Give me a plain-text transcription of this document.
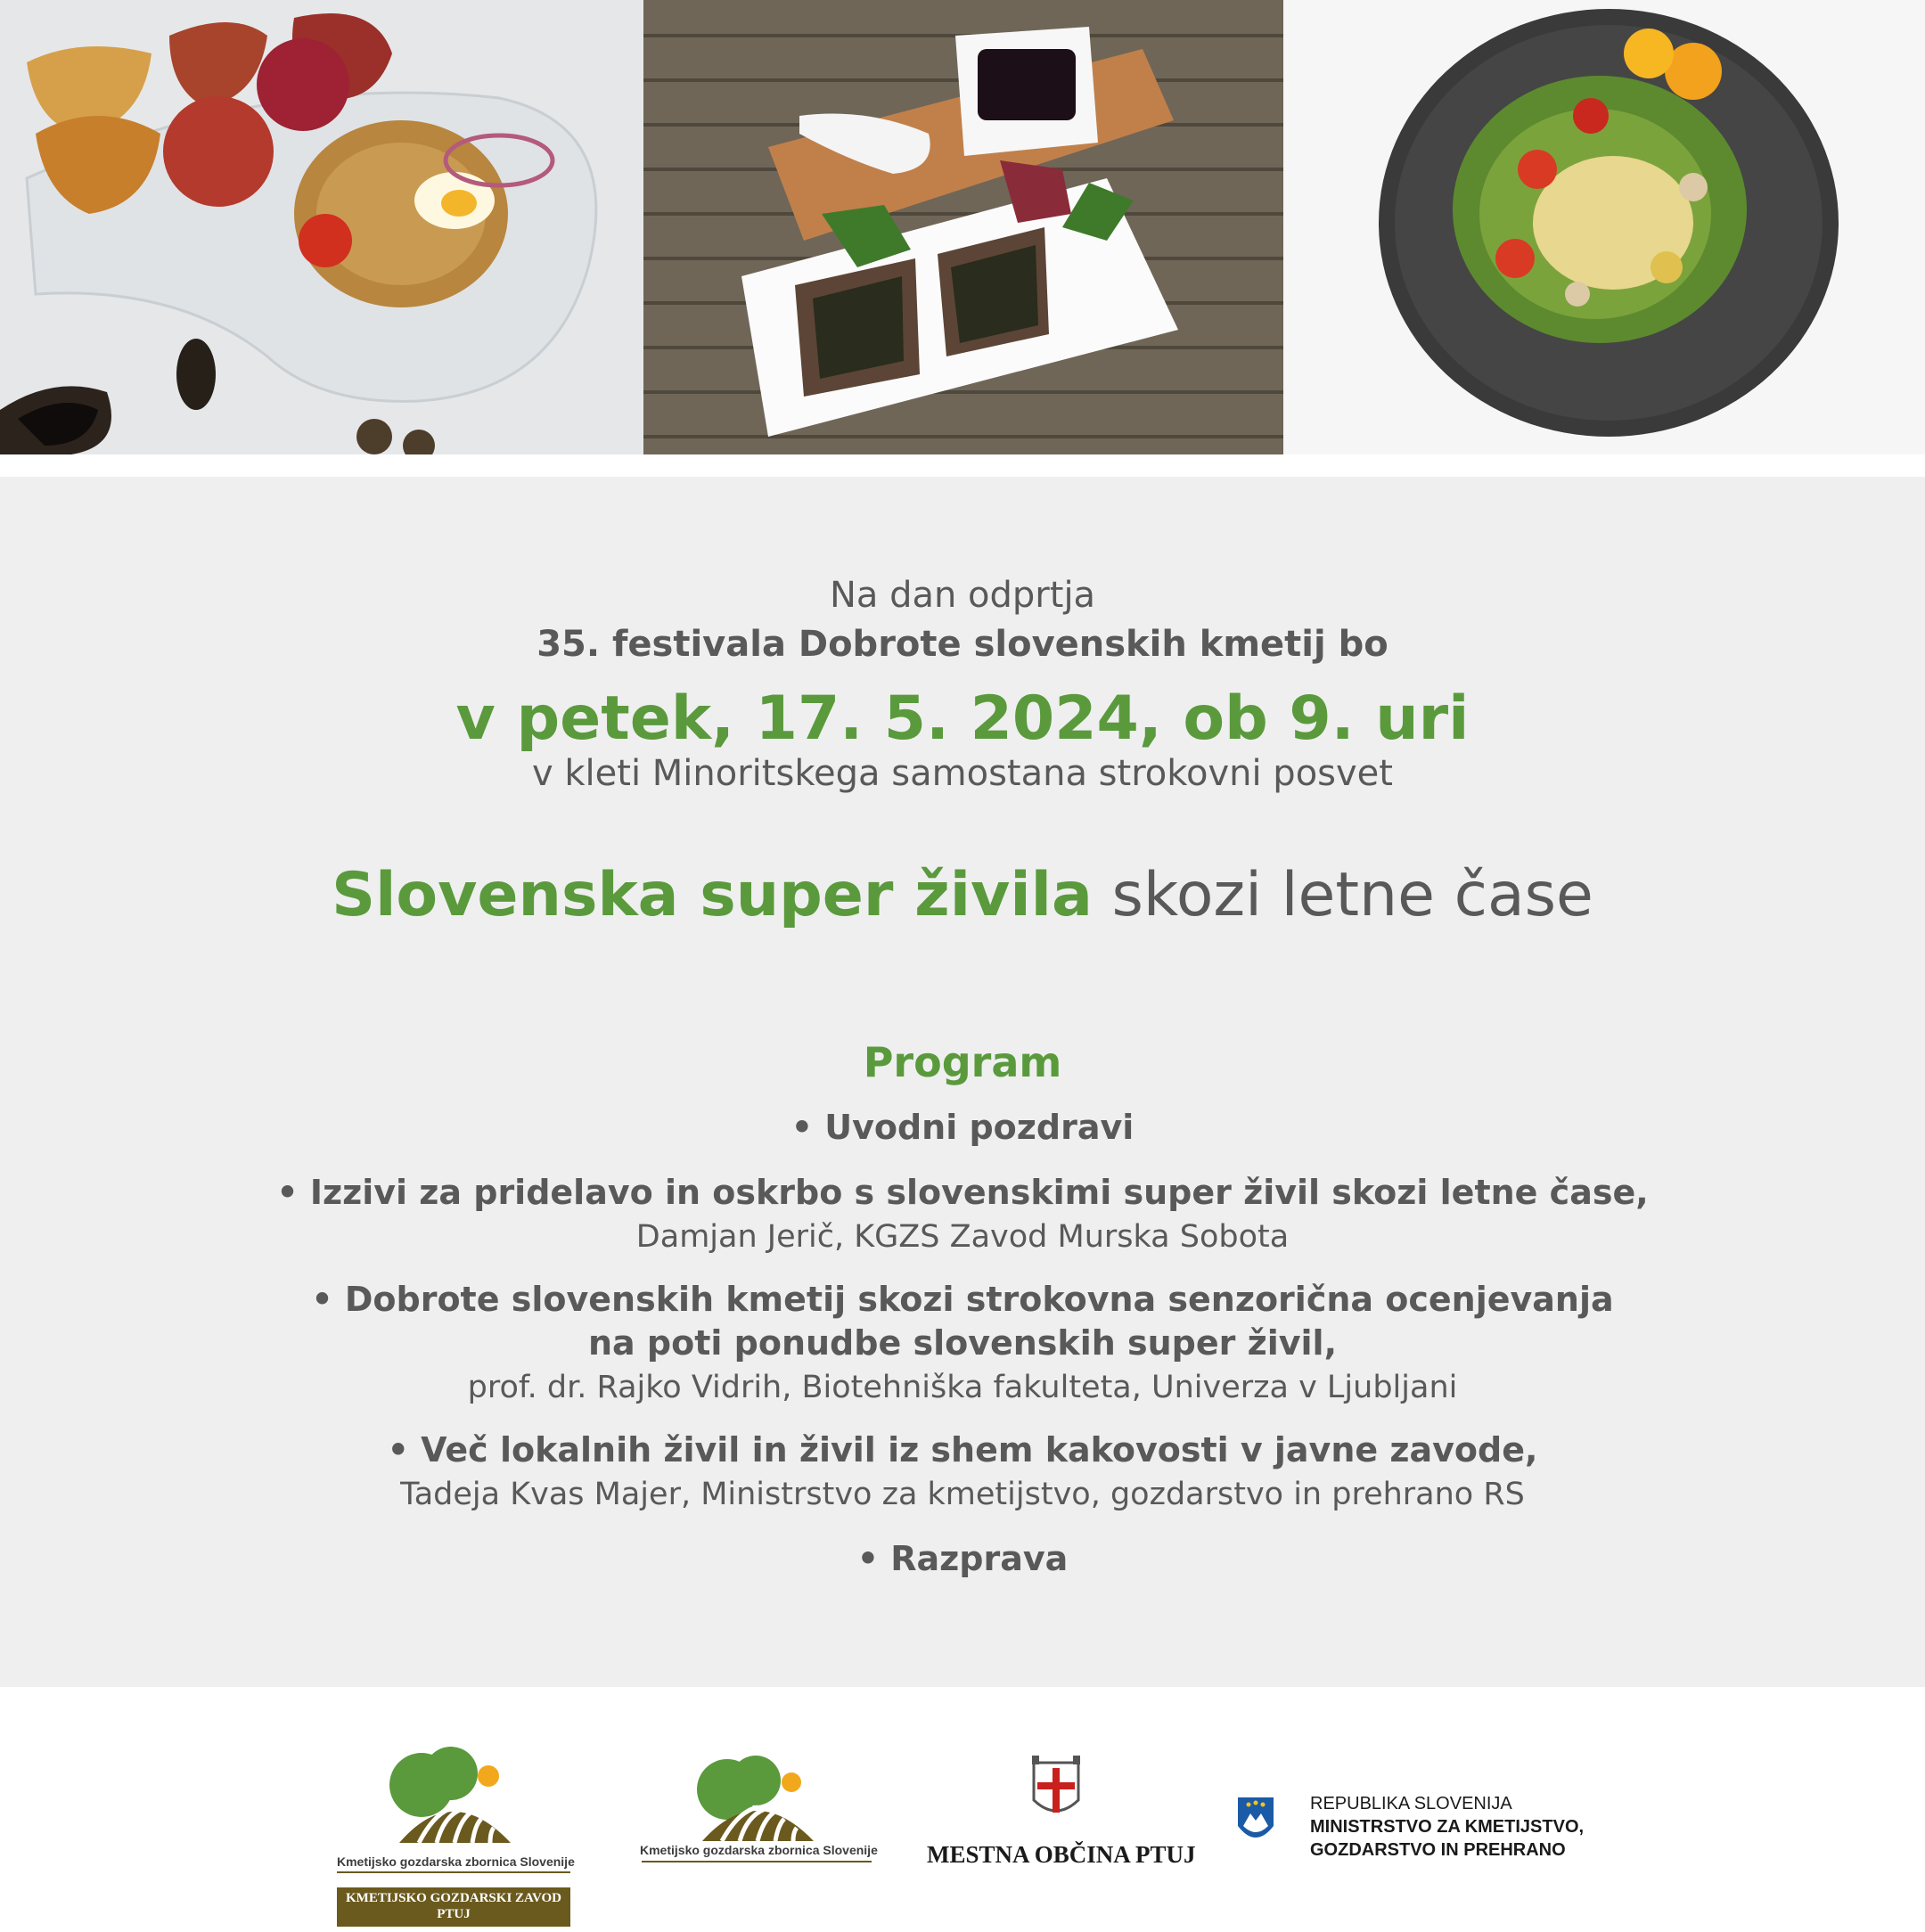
Na dan odprtja
35. festivala Dobrote slovenskih kmetij bo
v petek, 17. 5. 2024, ob 9. uri
v kleti Minoritskega samostana strokovni posvet
Slovenska super živila skozi letne čase
Program
• Uvodni pozdravi
• Izzivi za pridelavo in oskrbo s slovenskimi super živil skozi letne čase,
Damjan Jerič, KGZS Zavod Murska Sobota
• Dobrote slovenskih kmetij skozi strokovna senzorična ocenjevanja
na poti ponudbe slovenskih super živil,
prof. dr. Rajko Vidrih, Biotehniška fakulteta, Univerza v Ljubljani
• Več lokalnih živil in živil iz shem kakovosti v javne zavode,
Tadeja Kvas Majer, Ministrstvo za kmetijstvo, gozdarstvo in prehrano RS
• Razprava
Kmetijsko gozdarska zbornica Slovenije
KMETIJSKO GOZDARSKI ZAVOD
PTUJ
Kmetijsko gozdarska zbornica Slovenije MESTNA OBČINA PTUJ
REPUBLIKA SLOVENIJA
MINISTRSTVO ZA KMETIJSTVO,
GOZDARSTVO IN PREHRANO
